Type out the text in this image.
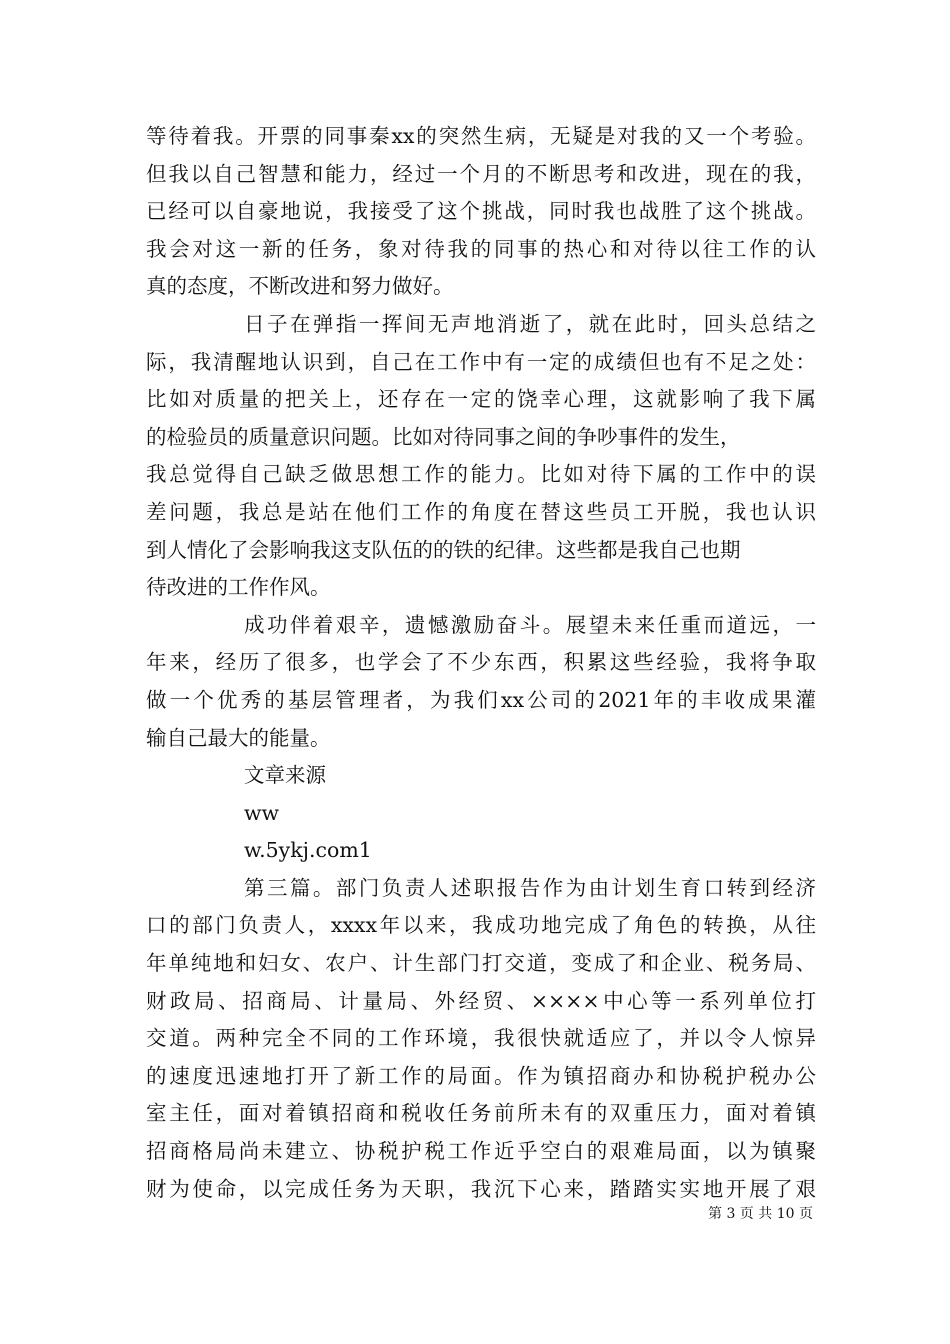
等待着我。开票的同事秦xx的突然生病，无疑是对我的又一个考验。
但我以自己智慧和能力，经过一个月的不断思考和改进，现在的我，
已经可以自豪地说，我接受了这个挑战，同时我也战胜了这个挑战。
我会对这一新的任务，象对待我的同事的热心和对待以往工作的认
真的态度，不断改进和努力做好。
日子在弹指一挥间无声地消逝了，就在此时，回头总结之
际，我清醒地认识到，自己在工作中有一定的成绩但也有不足之处：
比如对质量的把关上，还存在一定的饶幸心理，这就影响了我下属
的检验员的质量意识问题。比如对待同事之间的争吵事件的发生，
我总觉得自己缺乏做思想工作的能力。比如对待下属的工作中的误
差问题，我总是站在他们工作的角度在替这些员工开脱，我也认识
到人情化了会影响我这支队伍的的铁的纪律。这些都是我自己也期
待改进的工作作风。
成功伴着艰辛，遗憾激励奋斗。展望未来任重而道远，一
年来，经历了很多，也学会了不少东西，积累这些经验，我将争取
做一个优秀的基层管理者，为我们xx公司的2021年的丰收成果灌
输自己最大的能量。
文章来源
ww
w.5ykj.com1
第三篇。部门负责人述职报告作为由计划生育口转到经济
口的部门负责人，xxxx年以来，我成功地完成了角色的转换，从往
年单纯地和妇女、农户、计生部门打交道，变成了和企业、税务局、
财政局、招商局、计量局、外经贸、××××中心等一系列单位打
交道。两种完全不同的工作环境，我很快就适应了，并以令人惊异
的速度迅速地打开了新工作的局面。作为镇招商办和协税护税办公
室主任，面对着镇招商和税收任务前所未有的双重压力，面对着镇
招商格局尚未建立、协税护税工作近乎空白的艰难局面，以为镇聚
财为使命，以完成任务为天职，我沉下心来，踏踏实实地开展了艰
第 3 页 共 10 页
